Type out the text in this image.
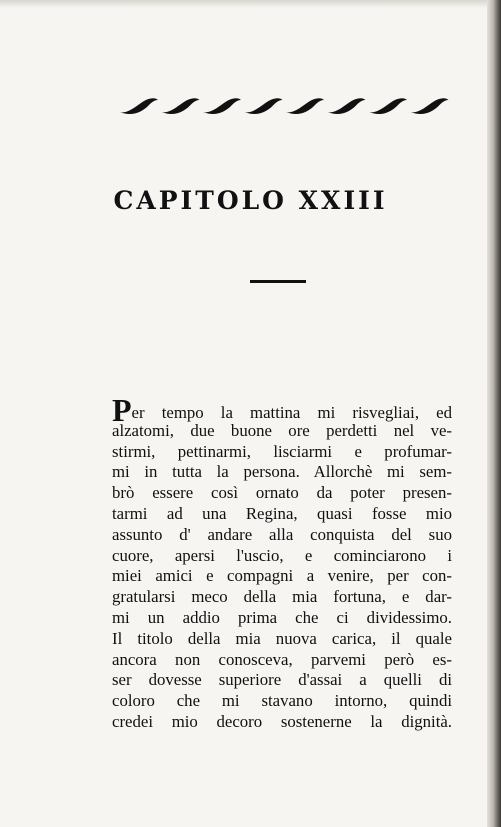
CAPITOLO XXIII
Per tempo la mattina mi risvegliai, ed
alzatomi, due buone ore perdetti nel ve-
stirmi, pettinarmi, lisciarmi e profumar-
mi in tutta la persona. Allorchè mi sem-
brò essere così ornato da poter presen-
tarmi ad una Regina, quasi fosse mio
assunto d' andare alla conquista del suo
cuore, apersi l'uscio, e cominciarono i
miei amici e compagni a venire, per con-
gratularsi meco della mia fortuna, e dar-
mi un addio prima che ci dividessimo.
Il titolo della mia nuova carica, il quale
ancora non conosceva, parvemi però es-
ser dovesse superiore d'assai a quelli di
coloro che mi stavano intorno, quindi
credei mio decoro sostenerne la dignità.
